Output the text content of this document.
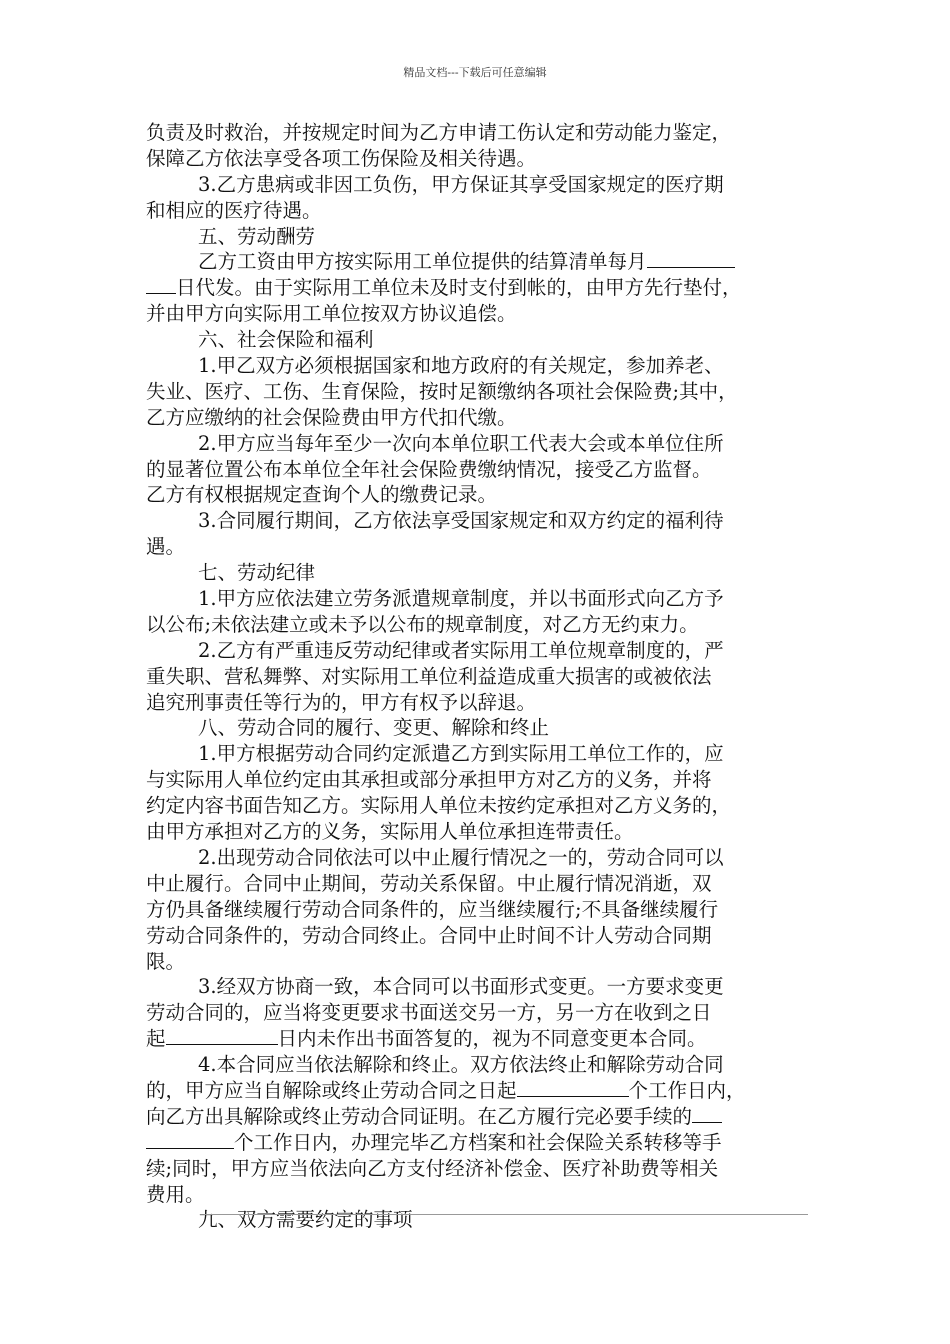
精品文档---下载后可任意编辑
负责及时救治，并按规定时间为乙方申请工伤认定和劳动能力鉴定，
保障乙方依法享受各项工伤保险及相关待遇。
3.乙方患病或非因工负伤，甲方保证其享受国家规定的医疗期
和相应的医疗待遇。
五、劳动酬劳
乙方工资由甲方按实际用工单位提供的结算清单每月
日代发。由于实际用工单位未及时支付到帐的，由甲方先行垫付，
并由甲方向实际用工单位按双方协议追偿。
六、社会保险和福利
1.甲乙双方必须根据国家和地方政府的有关规定，参加养老、
失业、医疗、工伤、生育保险，按时足额缴纳各项社会保险费;其中，
乙方应缴纳的社会保险费由甲方代扣代缴。
2.甲方应当每年至少一次向本单位职工代表大会或本单位住所
的显著位置公布本单位全年社会保险费缴纳情况，接受乙方监督。
乙方有权根据规定查询个人的缴费记录。
3.合同履行期间，乙方依法享受国家规定和双方约定的福利待
遇。
七、劳动纪律
1.甲方应依法建立劳务派遣规章制度，并以书面形式向乙方予
以公布;未依法建立或未予以公布的规章制度，对乙方无约束力。
2.乙方有严重违反劳动纪律或者实际用工单位规章制度的，严
重失职、营私舞弊、对实际用工单位利益造成重大损害的或被依法
追究刑事责任等行为的，甲方有权予以辞退。
八、劳动合同的履行、变更、解除和终止
1.甲方根据劳动合同约定派遣乙方到实际用工单位工作的，应
与实际用人单位约定由其承担或部分承担甲方对乙方的义务，并将
约定内容书面告知乙方。实际用人单位未按约定承担对乙方义务的，
由甲方承担对乙方的义务，实际用人单位承担连带责任。
2.出现劳动合同依法可以中止履行情况之一的，劳动合同可以
中止履行。合同中止期间，劳动关系保留。中止履行情况消逝，双
方仍具备继续履行劳动合同条件的，应当继续履行;不具备继续履行
劳动合同条件的，劳动合同终止。合同中止时间不计人劳动合同期
限。
3.经双方协商一致，本合同可以书面形式变更。一方要求变更
劳动合同的，应当将变更要求书面送交另一方，另一方在收到之日
起	日内未作出书面答复的，视为不同意变更本合同。
4.本合同应当依法解除和终止。双方依法终止和解除劳动合同
的，甲方应当自解除或终止劳动合同之日起	个工作日内，
向乙方出具解除或终止劳动合同证明。在乙方履行完必要手续的
个工作日内，办理完毕乙方档案和社会保险关系转移等手
续;同时，甲方应当依法向乙方支付经济补偿金、医疗补助费等相关
费用。
九、双方需要约定的事项
